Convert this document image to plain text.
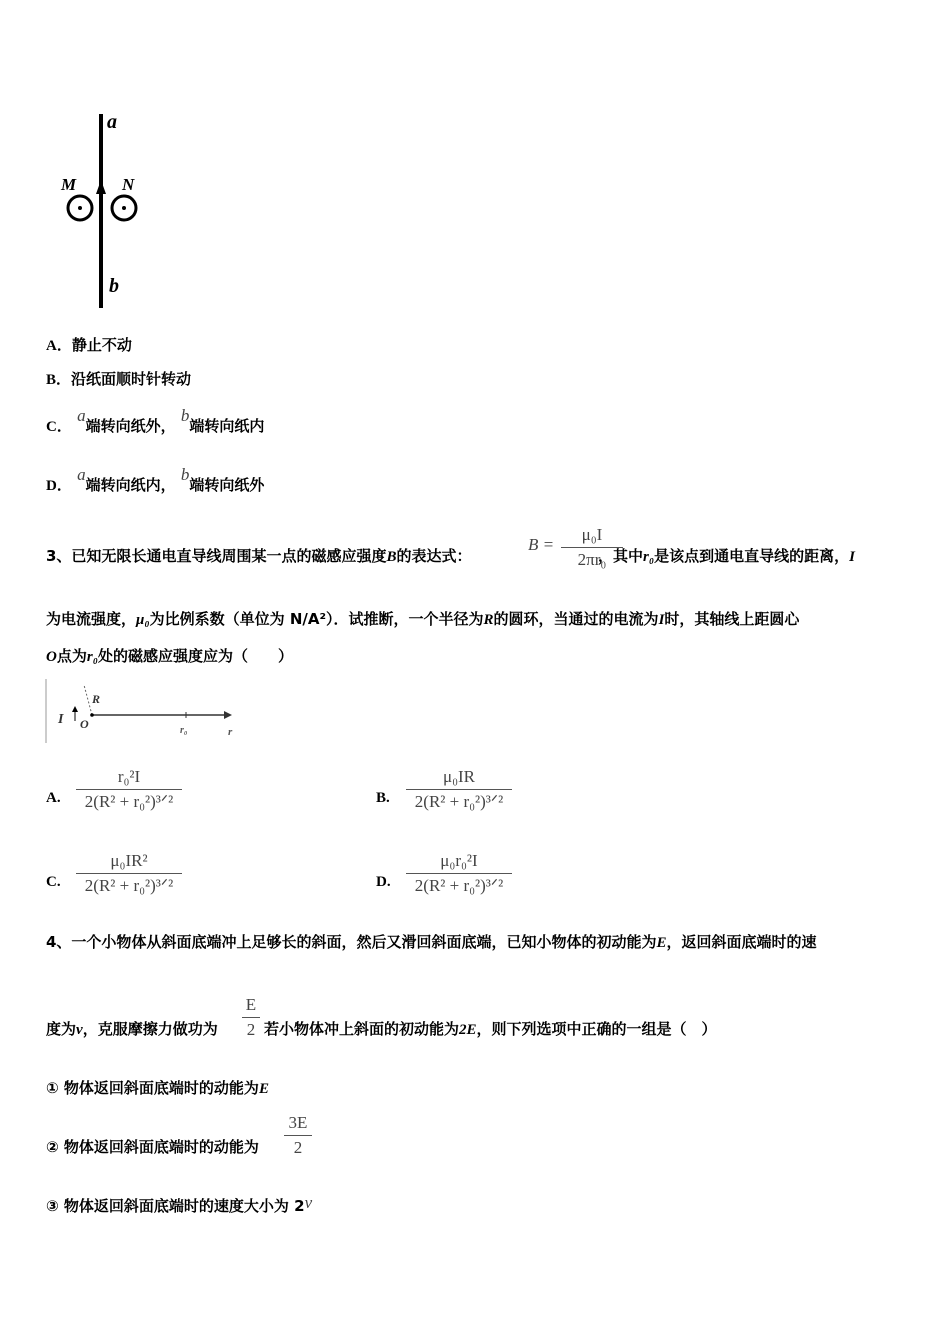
a
b
M	N
A．静止不动
B．沿纸面顺时针转动
C． a端转向纸外， b端转向纸内
D． a端转向纸内， b端转向纸外
3、已知无限长通电直导线周围某一点的磁感应强度B的表达式：
B =
μ₀I
2πr₀
，其中r₀是该点到通电直导线的距离，I
为电流强度，μ₀为比例系数（单位为 N/A²）．试推断，一个半径为R的圆环，当通过的电流为I时，其轴线上距圆心
O点为r₀处的磁感应强度应为（　　）
I O
R
r₀	r
A.
r₀²I
2(R² + r₀²)³ᐟ²	B.
μ₀IR
2(R² + r₀²)³ᐟ²
C.
μ₀IR²
2(R² + r₀²)³ᐟ²	D.
μ₀r₀²I
2(R² + r₀²)³ᐟ²
4、一个小物体从斜面底端冲上足够长的斜面，然后又滑回斜面底端，已知小物体的初动能为E，返回斜面底端时的速
度为v，克服摩擦力做功为
E
2 若小物体冲上斜面的初动能为2E，则下列选项中正确的一组是（　）
① 物体返回斜面底端时的动能为E
② 物体返回斜面底端时的动能为
3E
2
③ 物体返回斜面底端时的速度大小为 2v
